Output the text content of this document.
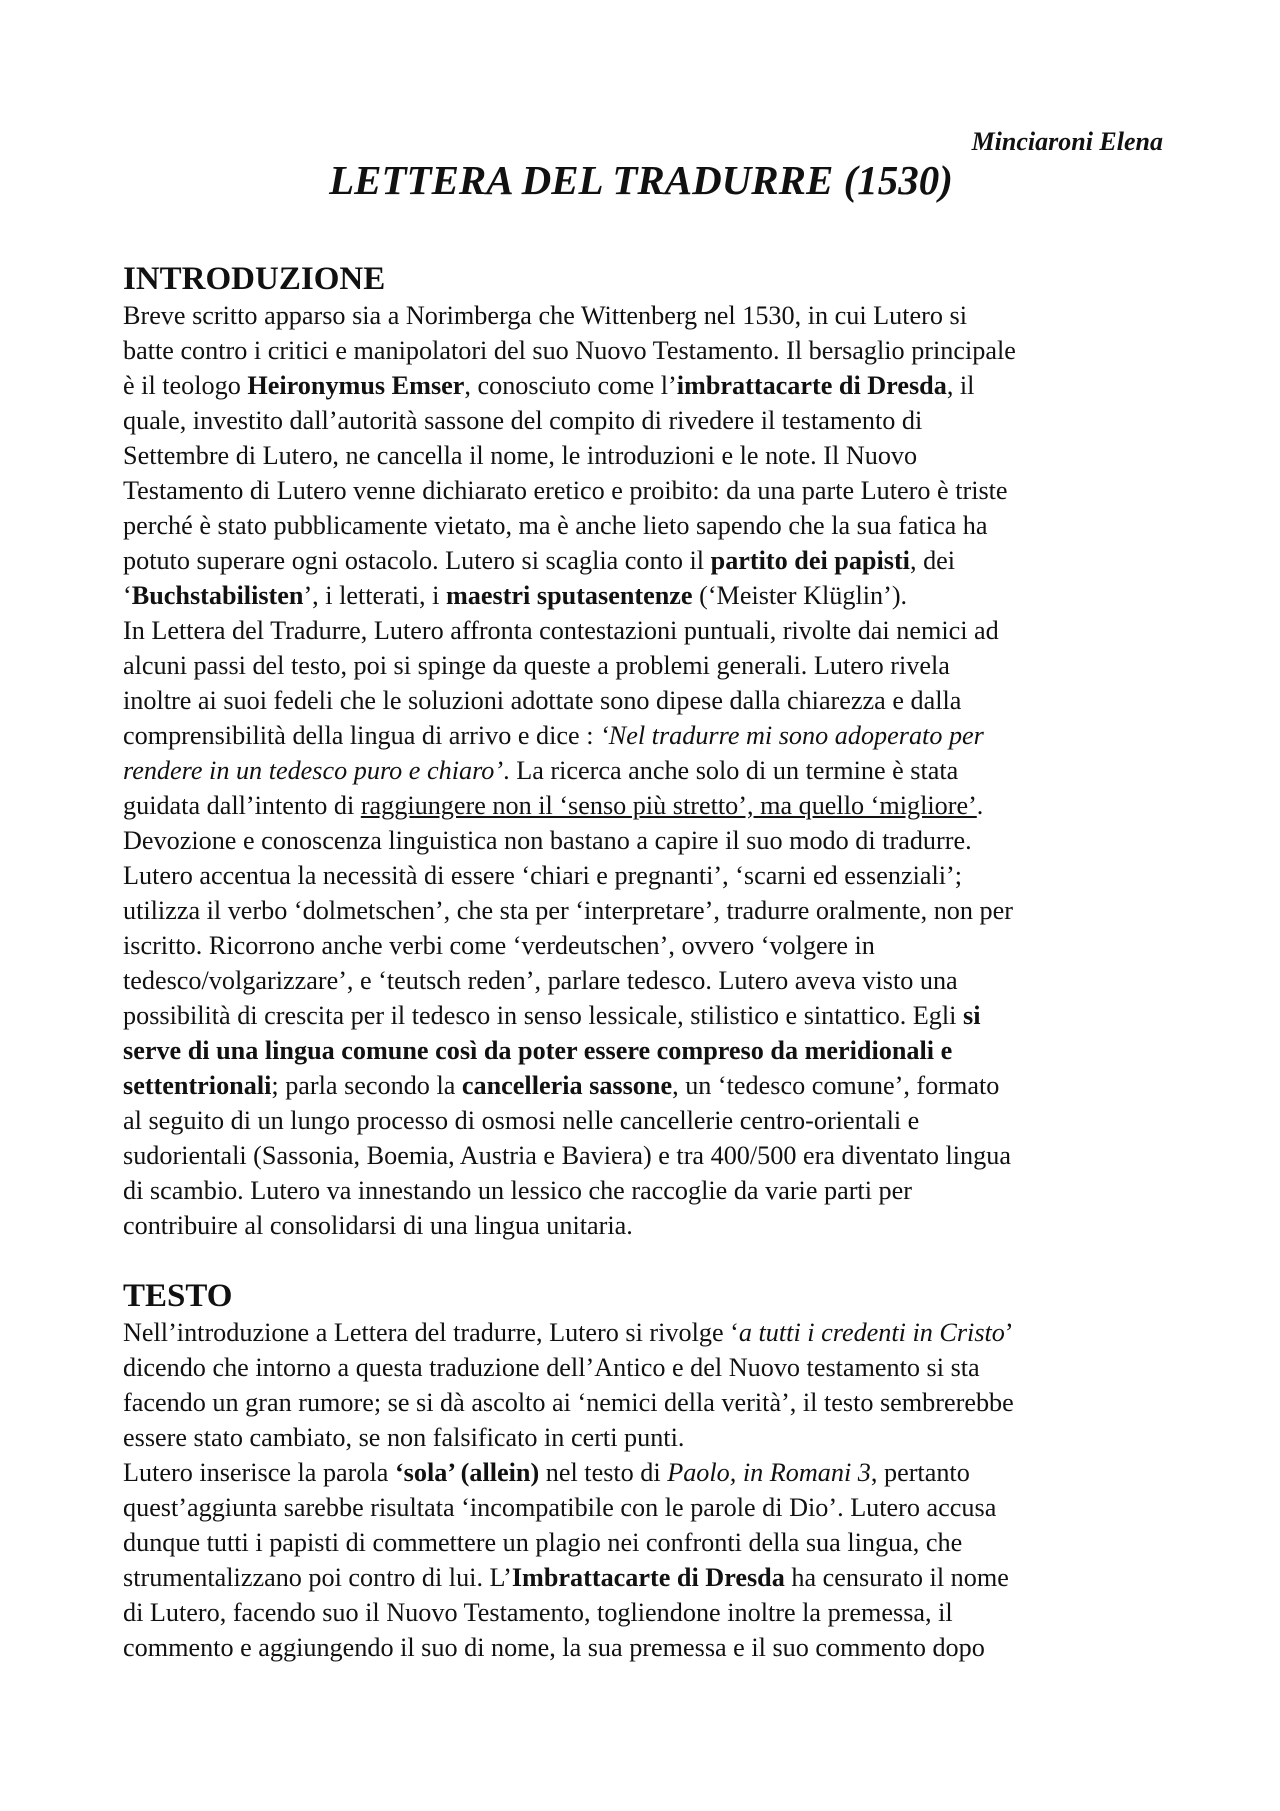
Minciaroni Elena
LETTERA DEL TRADURRE (1530)
INTRODUZIONE

Breve scritto apparso sia a Norimberga che Wittenberg nel 1530, in cui Lutero si
batte contro i critici e manipolatori del suo Nuovo Testamento. Il bersaglio principale
è il teologo Heironymus Emser, conosciuto come l’imbrattacarte di Dresda, il
quale, investito dall’autorità sassone del compito di rivedere il testamento di
Settembre di Lutero, ne cancella il nome, le introduzioni e le note. Il Nuovo
Testamento di Lutero venne dichiarato eretico e proibito: da una parte Lutero è triste
perché è stato pubblicamente vietato, ma è anche lieto sapendo che la sua fatica ha
potuto superare ogni ostacolo. Lutero si scaglia conto il partito dei papisti, dei
‘Buchstabilisten’, i letterati, i maestri sputasentenze (‘Meister Klüglin’).

In Lettera del Tradurre, Lutero affronta contestazioni puntuali, rivolte dai nemici ad
alcuni passi del testo, poi si spinge da queste a problemi generali. Lutero rivela
inoltre ai suoi fedeli che le soluzioni adottate sono dipese dalla chiarezza e dalla
comprensibilità della lingua di arrivo e dice : ‘Nel tradurre mi sono adoperato per
rendere in un tedesco puro e chiaro’. La ricerca anche solo di un termine è stata
guidata dall’intento di raggiungere non il ‘senso più stretto’, ma quello ‘migliore’.
Devozione e conoscenza linguistica non bastano a capire il suo modo di tradurre.
Lutero accentua la necessità di essere ‘chiari e pregnanti’, ‘scarni ed essenziali’;
utilizza il verbo ‘dolmetschen’, che sta per ‘interpretare’, tradurre oralmente, non per
iscritto. Ricorrono anche verbi come ‘verdeutschen’, ovvero ‘volgere in
tedesco/volgarizzare’, e ‘teutsch reden’, parlare tedesco. Lutero aveva visto una
possibilità di crescita per il tedesco in senso lessicale, stilistico e sintattico. Egli si
serve di una lingua comune così da poter essere compreso da meridionali e
settentrionali; parla secondo la cancelleria sassone, un ‘tedesco comune’, formato
al seguito di un lungo processo di osmosi nelle cancellerie centro-orientali e
sudorientali (Sassonia, Boemia, Austria e Baviera) e tra 400/500 era diventato lingua
di scambio. Lutero va innestando un lessico che raccoglie da varie parti per
contribuire al consolidarsi di una lingua unitaria.

TESTO

Nell’introduzione a Lettera del tradurre, Lutero si rivolge ‘a tutti i credenti in Cristo’
dicendo che intorno a questa traduzione dell’Antico e del Nuovo testamento si sta
facendo un gran rumore; se si dà ascolto ai ‘nemici della verità’, il testo sembrerebbe
essere stato cambiato, se non falsificato in certi punti.

Lutero inserisce la parola ‘sola’ (allein) nel testo di Paolo, in Romani 3, pertanto
quest’aggiunta sarebbe risultata ‘incompatibile con le parole di Dio’. Lutero accusa
dunque tutti i papisti di commettere un plagio nei confronti della sua lingua, che
strumentalizzano poi contro di lui. L’Imbrattacarte di Dresda ha censurato il nome
di Lutero, facendo suo il Nuovo Testamento, togliendone inoltre la premessa, il
commento e aggiungendo il suo di nome, la sua premessa e il suo commento dopo
